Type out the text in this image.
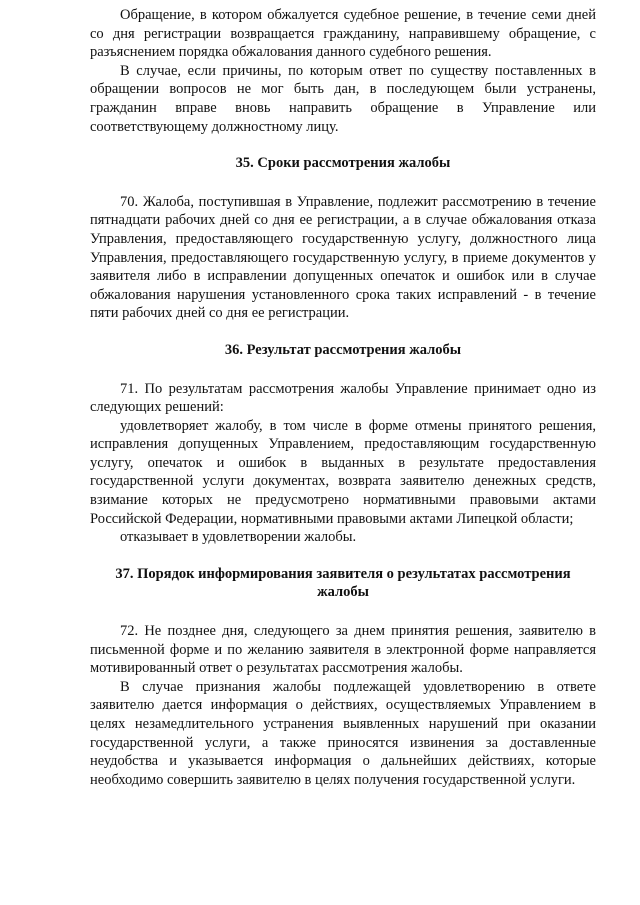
Обращение, в котором обжалуется судебное решение, в течение семи дней со дня регистрации возвращается гражданину, направившему обращение, с разъяснением порядка обжалования данного судебного решения.

В случае, если причины, по которым ответ по существу поставленных в обращении вопросов не мог быть дан, в последующем были устранены, гражданин вправе вновь направить обращение в Управление или соответствующему должностному лицу.

35. Сроки рассмотрения жалобы

70. Жалоба, поступившая в Управление, подлежит рассмотрению в течение пятнадцати рабочих дней со дня ее регистрации, а в случае обжалования отказа Управления, предоставляющего государственную услугу, должностного лица Управления, предоставляющего государственную услугу, в приеме документов у заявителя либо в исправлении допущенных опечаток и ошибок или в случае обжалования нарушения установленного срока таких исправлений - в течение пяти рабочих дней со дня ее регистрации.

36. Результат рассмотрения жалобы

71. По результатам рассмотрения жалобы Управление принимает одно из следующих решений:

удовлетворяет жалобу, в том числе в форме отмены принятого решения, исправления допущенных Управлением, предоставляющим государственную услугу, опечаток и ошибок в выданных в результате предоставления государственной услуги документах, возврата заявителю денежных средств, взимание которых не предусмотрено нормативными правовыми актами Российской Федерации, нормативными правовыми актами Липецкой области;

отказывает в удовлетворении жалобы.

37. Порядок информирования заявителя о результатах рассмотрения жалобы

72. Не позднее дня, следующего за днем принятия решения, заявителю в письменной форме и по желанию заявителя в электронной форме направляется мотивированный ответ о результатах рассмотрения жалобы.

В случае признания жалобы подлежащей удовлетворению в ответе заявителю дается информация о действиях, осуществляемых Управлением в целях незамедлительного устранения выявленных нарушений при оказании государственной услуги, а также приносятся извинения за доставленные неудобства и указывается информация о дальнейших действиях, которые необходимо совершить заявителю в целях получения государственной услуги.
